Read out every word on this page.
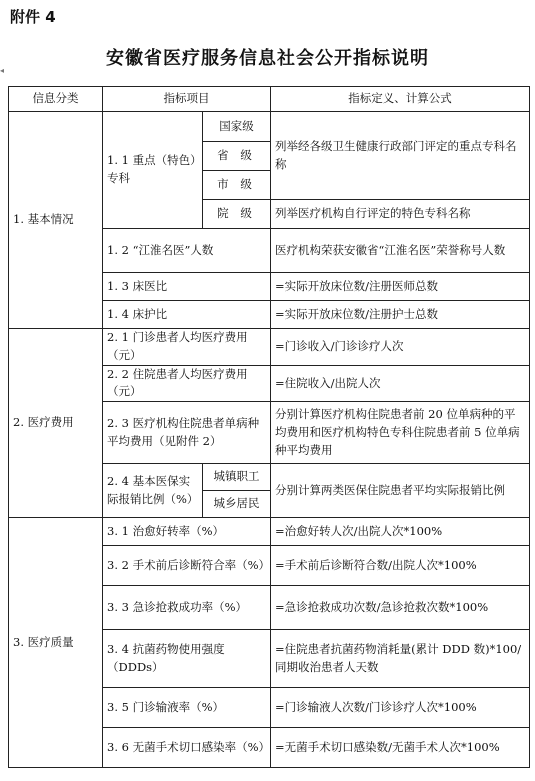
附件 4
安徽省医疗服务信息社会公开指标说明
◂
信息分类	指标项目		指标定义、计算公式
1. 基本情况	1. 1 重点（特色）专科	国家级	列举经各级卫生健康行政部门评定的重点专科名称
		省 级	
		市 级	
		院 级	列举医疗机构自行评定的特色专科名称
	1. 2 “江淮名医”人数		医疗机构荣获安徽省“江淮名医”荣誉称号人数
	1. 3 床医比		=实际开放床位数/注册医师总数
	1. 4 床护比		=实际开放床位数/注册护士总数
2. 医疗费用	2. 1 门诊患者人均医疗费用（元）		=门诊收入/门诊诊疗人次
	2. 2 住院患者人均医疗费用（元）		=住院收入/出院人次
	2. 3 医疗机构住院患者单病种平均费用（见附件 2）		分别计算医疗机构住院患者前 20 位单病种的平均费用和医疗机构特色专科住院患者前 5 位单病种平均费用
	2. 4 基本医保实际报销比例（%）	城镇职工	分别计算两类医保住院患者平均实际报销比例
		城乡居民	
3. 医疗质量	3. 1 治愈好转率（%）		=治愈好转人次/出院人次*100%
	3. 2 手术前后诊断符合率（%）		=手术前后诊断符合数/出院人次*100%
	3. 3 急诊抢救成功率（%）		=急诊抢救成功次数/急诊抢救次数*100%
	3. 4 抗菌药物使用强度（DDDs）		=住院患者抗菌药物消耗量(累计 DDD 数)*100/同期收治患者人天数
	3. 5 门诊输液率（%）		=门诊输液人次数/门诊诊疗人次*100%
	3. 6 无菌手术切口感染率（%）		=无菌手术切口感染数/无菌手术人次*100%
